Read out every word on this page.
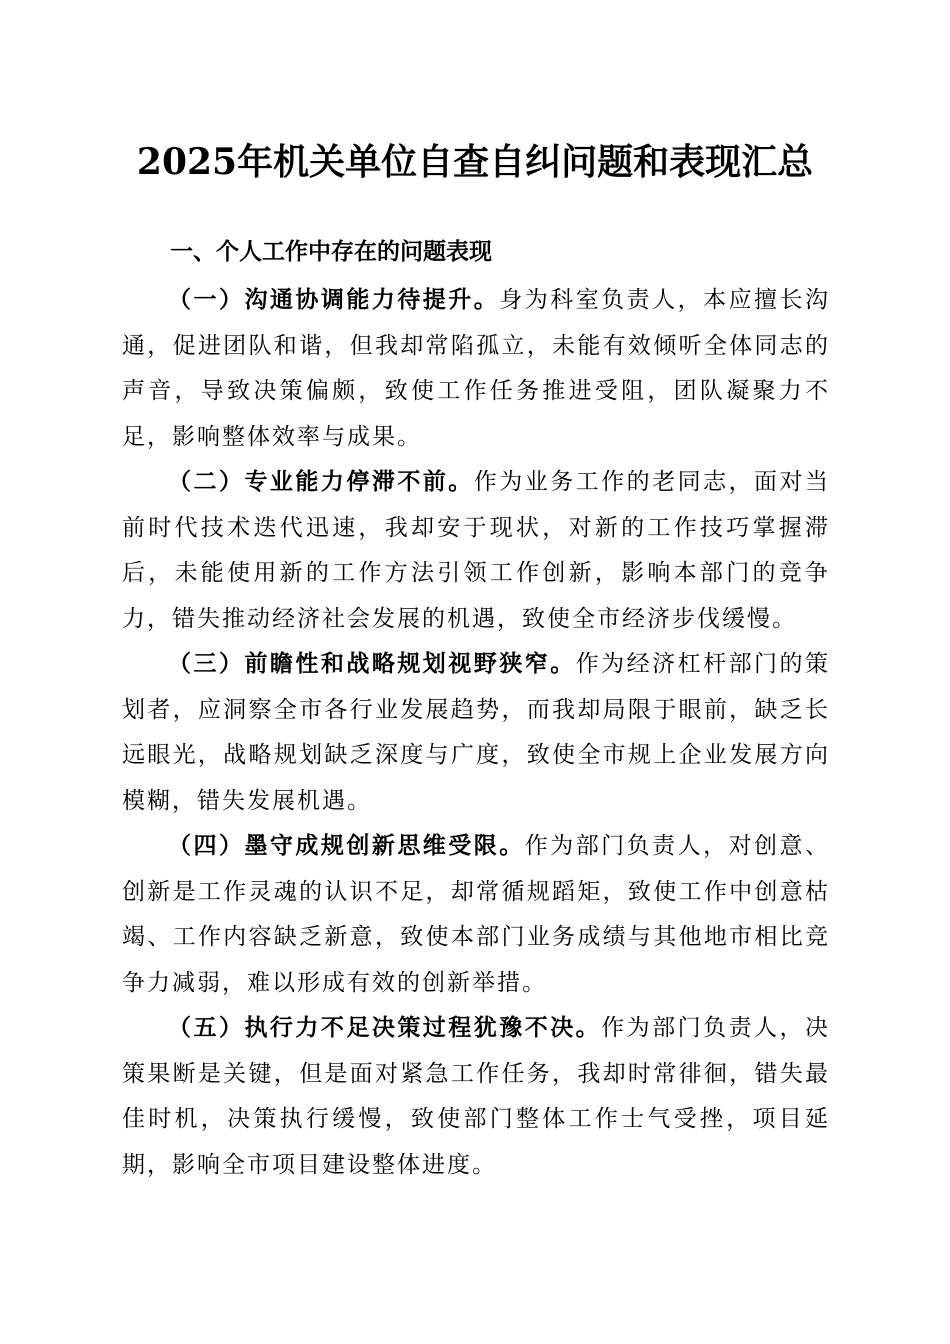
2025年机关单位自查自纠问题和表现汇总
一、个人工作中存在的问题表现

（一）沟通协调能力待提升。身为科室负责人，本应擅长沟通，促进团队和谐，但我却常陷孤立，未能有效倾听全体同志的声音，导致决策偏颇，致使工作任务推进受阻，团队凝聚力不足，影响整体效率与成果。

（二）专业能力停滞不前。作为业务工作的老同志，面对当前时代技术迭代迅速，我却安于现状，对新的工作技巧掌握滞后，未能使用新的工作方法引领工作创新，影响本部门的竞争力，错失推动经济社会发展的机遇，致使全市经济步伐缓慢。

（三）前瞻性和战略规划视野狭窄。作为经济杠杆部门的策划者，应洞察全市各行业发展趋势，而我却局限于眼前，缺乏长远眼光，战略规划缺乏深度与广度，致使全市规上企业发展方向模糊，错失发展机遇。

（四）墨守成规创新思维受限。作为部门负责人，对创意、创新是工作灵魂的认识不足，却常循规蹈矩，致使工作中创意枯竭、工作内容缺乏新意，致使本部门业务成绩与其他地市相比竞争力减弱，难以形成有效的创新举措。

（五）执行力不足决策过程犹豫不决。作为部门负责人，决策果断是关键，但是面对紧急工作任务，我却时常徘徊，错失最佳时机，决策执行缓慢，致使部门整体工作士气受挫，项目延期，影响全市项目建设整体进度。
